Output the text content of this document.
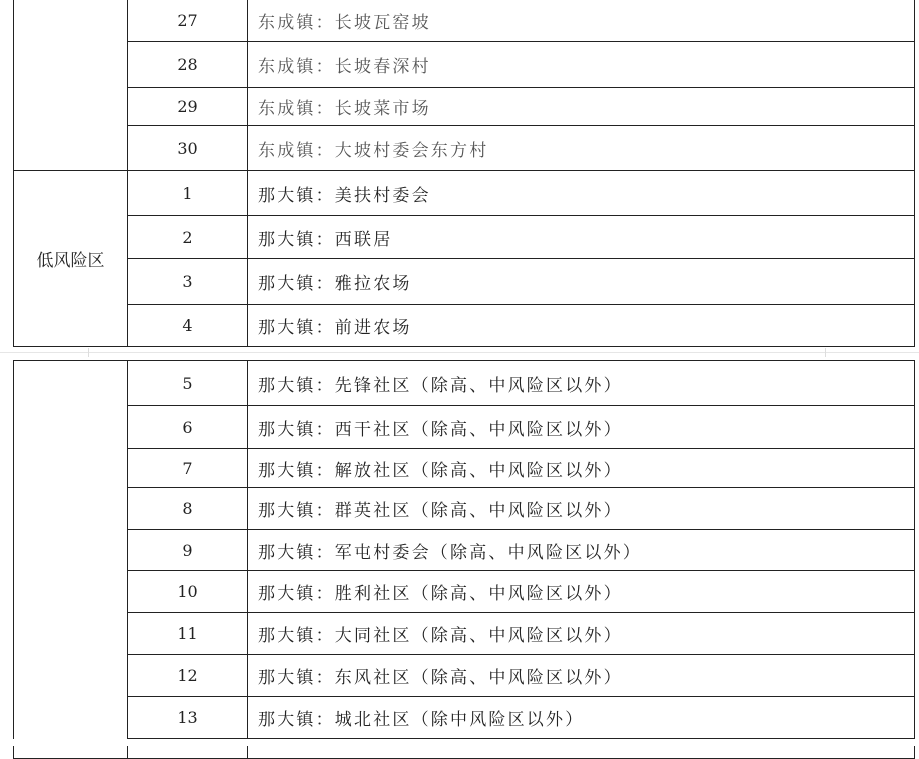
	27	东成镇：长坡瓦窑坡
	28	东成镇：长坡春深村
	29	东成镇：长坡菜市场
	30	东成镇：大坡村委会东方村
低风险区	1	那大镇：美扶村委会
	2	那大镇：西联居
	3	那大镇：雅拉农场
	4	那大镇：前进农场
	5	那大镇：先锋社区（除高、中风险区以外）
	6	那大镇：西干社区（除高、中风险区以外）
	7	那大镇：解放社区（除高、中风险区以外）
	8	那大镇：群英社区（除高、中风险区以外）
	9	那大镇：军屯村委会（除高、中风险区以外）
	10	那大镇：胜利社区（除高、中风险区以外）
	11	那大镇：大同社区（除高、中风险区以外）
	12	那大镇：东风社区（除高、中风险区以外）
	13	那大镇：城北社区（除中风险区以外）
